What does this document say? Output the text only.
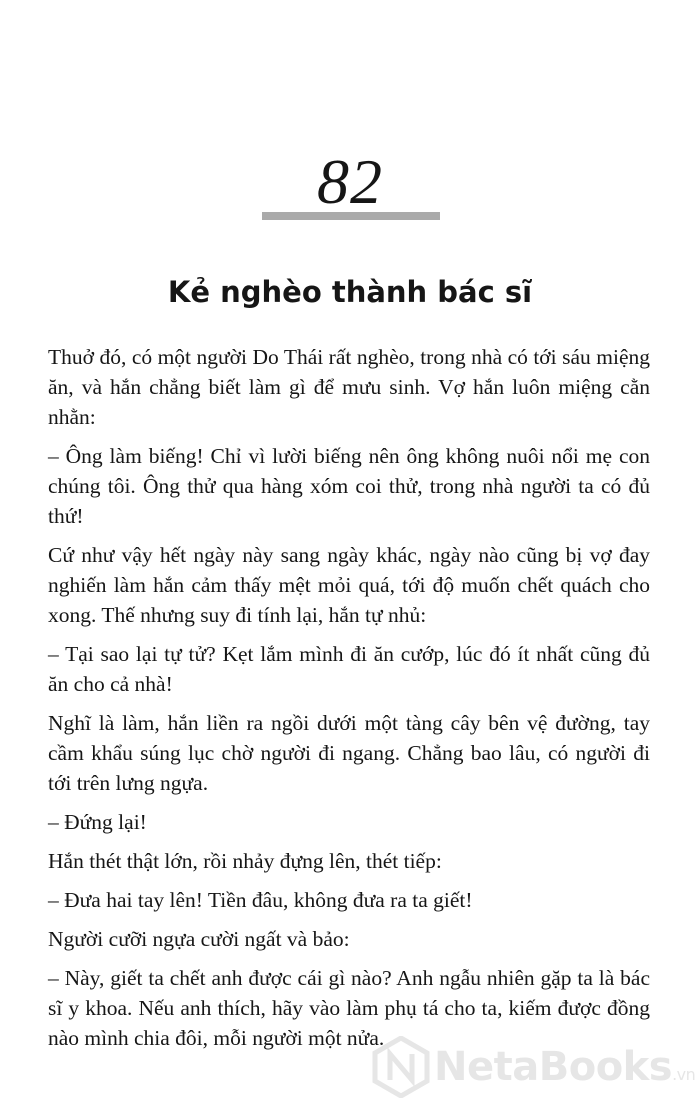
82
Kẻ nghèo thành bác sĩ

Thuở đó, có một người Do Thái rất nghèo, trong nhà có tới sáu miệng ăn, và hắn chẳng biết làm gì để mưu sinh. Vợ hắn luôn miệng cằn nhằn:

– Ông làm biếng! Chỉ vì lười biếng nên ông không nuôi nổi mẹ con chúng tôi. Ông thử qua hàng xóm coi thử, trong nhà người ta có đủ thứ!

Cứ như vậy hết ngày này sang ngày khác, ngày nào cũng bị vợ đay nghiến làm hắn cảm thấy mệt mỏi quá, tới độ muốn chết quách cho xong. Thế nhưng suy đi tính lại, hắn tự nhủ:

– Tại sao lại tự tử? Kẹt lắm mình đi ăn cướp, lúc đó ít nhất cũng đủ ăn cho cả nhà!

Nghĩ là làm, hắn liền ra ngồi dưới một tàng cây bên vệ đường, tay cầm khẩu súng lục chờ người đi ngang. Chẳng bao lâu, có người đi tới trên lưng ngựa.

– Đứng lại!

Hắn thét thật lớn, rồi nhảy đựng lên, thét tiếp:

– Đưa hai tay lên! Tiền đâu, không đưa ra ta giết!

Người cưỡi ngựa cười ngất và bảo:

– Này, giết ta chết anh được cái gì nào? Anh ngẫu nhiên gặp ta là bác sĩ y khoa. Nếu anh thích, hãy vào làm phụ tá cho ta, kiếm được đồng nào mình chia đôi, mỗi người một nửa.

NetaBooks.vn
